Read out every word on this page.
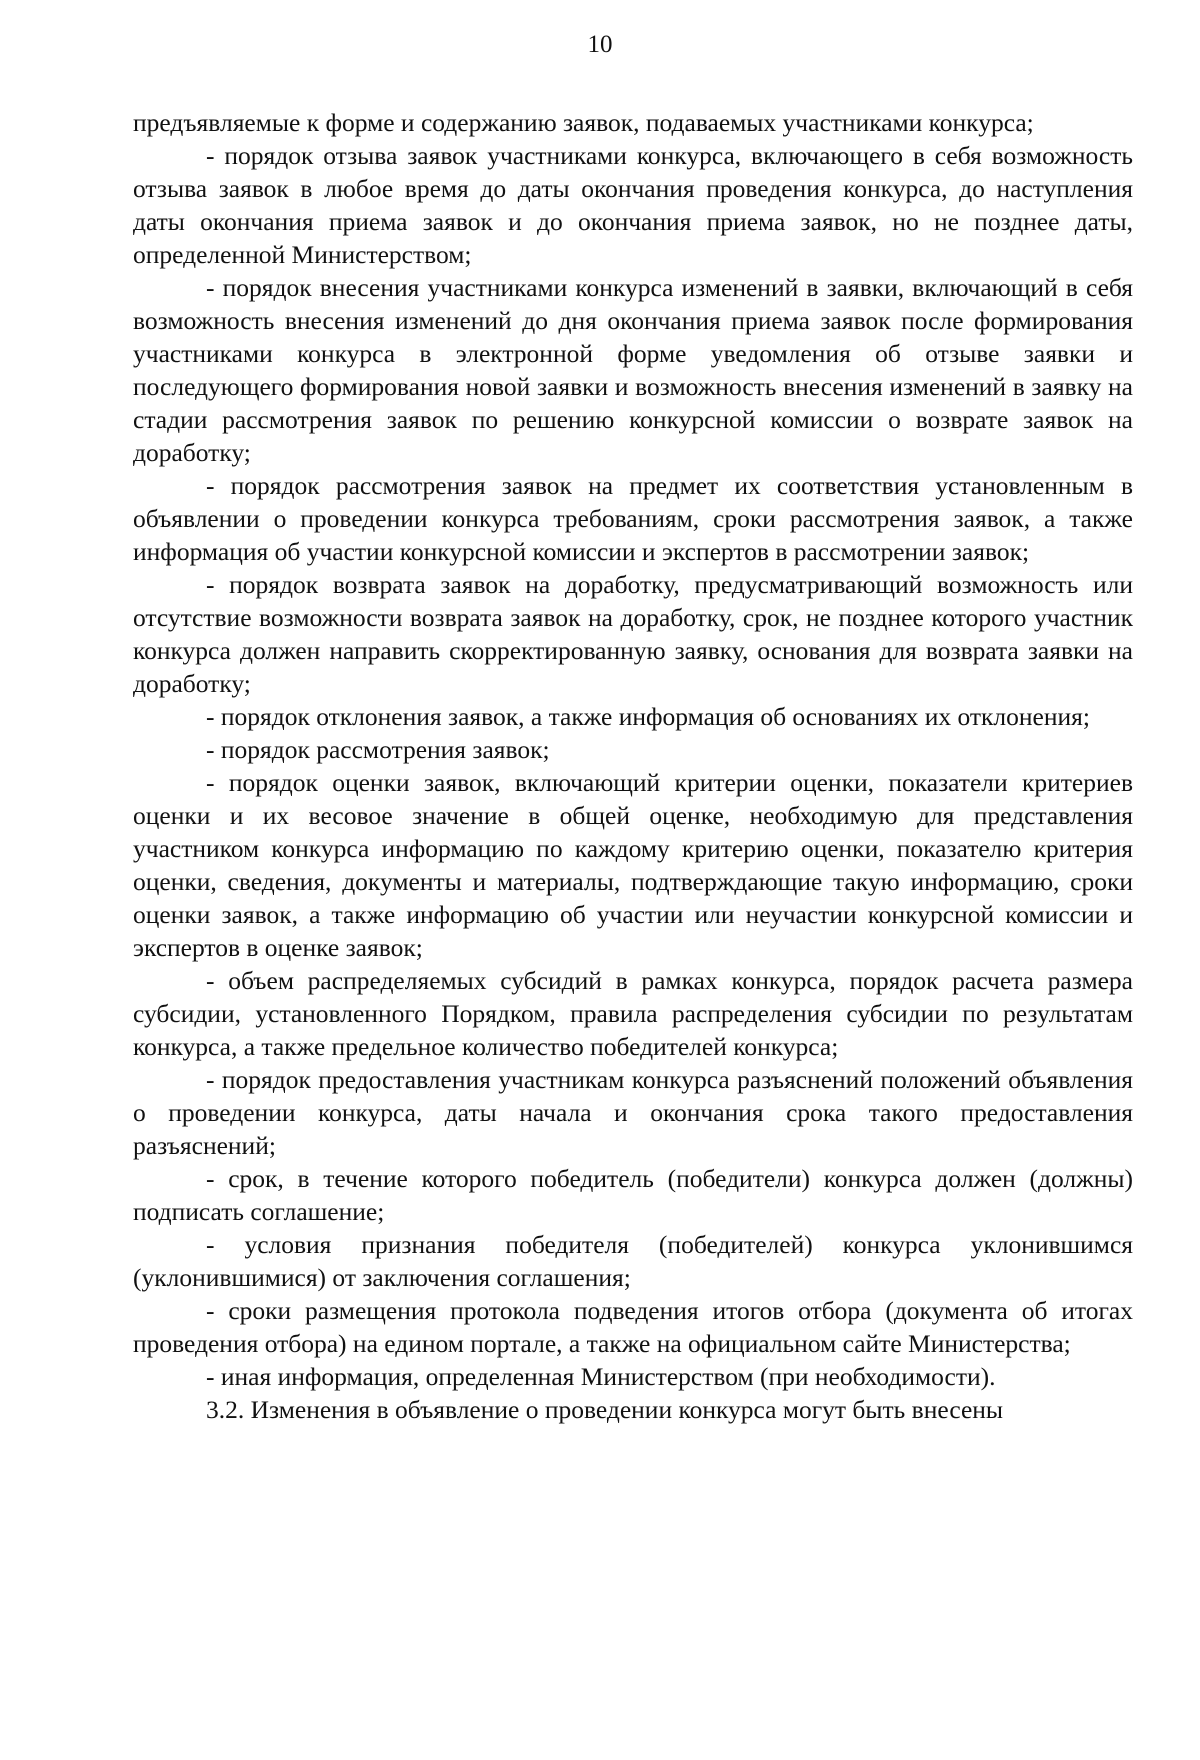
10

предъявляемые к форме и содержанию заявок, подаваемых участниками конкурса;

- порядок отзыва заявок участниками конкурса, включающего в себя возможность отзыва заявок в любое время до даты окончания проведения конкурса, до наступления даты окончания приема заявок и до окончания приема заявок, но не позднее даты, определенной Министерством;

- порядок внесения участниками конкурса изменений в заявки, включающий в себя возможность внесения изменений до дня окончания приема заявок после формирования участниками конкурса в электронной форме уведомления об отзыве заявки и последующего формирования новой заявки и возможность внесения изменений в заявку на стадии рассмотрения заявок по решению конкурсной комиссии о возврате заявок на доработку;

- порядок рассмотрения заявок на предмет их соответствия установленным в объявлении о проведении конкурса требованиям, сроки рассмотрения заявок, а также информация об участии конкурсной комиссии и экспертов в рассмотрении заявок;

- порядок возврата заявок на доработку, предусматривающий возможность или отсутствие возможности возврата заявок на доработку, срок, не позднее которого участник конкурса должен направить скорректированную заявку, основания для возврата заявки на доработку;

- порядок отклонения заявок, а также информация об основаниях их отклонения;

- порядок рассмотрения заявок;

- порядок оценки заявок, включающий критерии оценки, показатели критериев оценки и их весовое значение в общей оценке, необходимую для представления участником конкурса информацию по каждому критерию оценки, показателю критерия оценки, сведения, документы и материалы, подтверждающие такую информацию, сроки оценки заявок, а также информацию об участии или неучастии конкурсной комиссии и экспертов в оценке заявок;

- объем распределяемых субсидий в рамках конкурса, порядок расчета размера субсидии, установленного Порядком, правила распределения субсидии по результатам конкурса, а также предельное количество победителей конкурса;

- порядок предоставления участникам конкурса разъяснений положений объявления о проведении конкурса, даты начала и окончания срока такого предоставления разъяснений;

- срок, в течение которого победитель (победители) конкурса должен (должны) подписать соглашение;

- условия признания победителя (победителей) конкурса уклонившимся (уклонившимися) от заключения соглашения;

- сроки размещения протокола подведения итогов отбора (документа об итогах проведения отбора) на едином портале, а также на официальном сайте Министерства;

- иная информация, определенная Министерством (при необходимости).

3.2. Изменения в объявление о проведении конкурса могут быть внесены
